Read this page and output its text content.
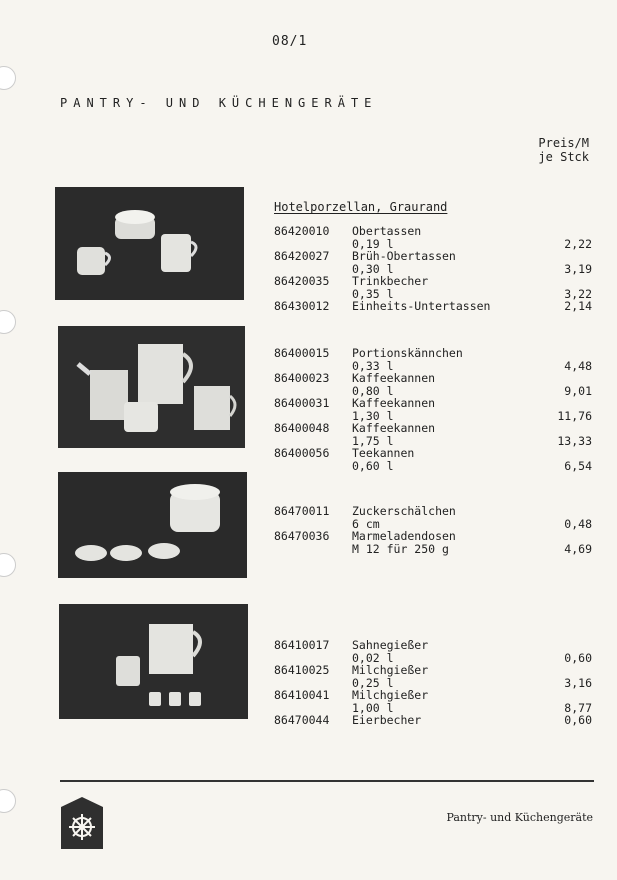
08/1
PANTRY- UND KÜCHENGERÄTE
Preis/M
je Stck
Hotelporzellan, Graurand
86420010 Obertassen
0,19 l	2,22
86420027 Brüh-Obertassen
0,30 l	3,19
86420035 Trinkbecher
0,35 l	3,22
86430012 Einheits-Untertassen	2,14
86400015 Portionskännchen
0,33 l	4,48
86400023 Kaffeekannen
0,80 l	9,01
86400031 Kaffeekannen
1,30 l	11,76
86400048 Kaffeekannen
1,75 l	13,33
86400056 Teekannen
0,60 l	6,54
86470011 Zuckerschälchen
6 cm	0,48
86470036 Marmeladendosen
M 12 für 250 g	4,69
86410017 Sahnegießer
0,02 l	0,60
86410025 Milchgießer
0,25 l	3,16
86410041 Milchgießer
1,00 l	8,77
86470044 Eierbecher	0,60
Pantry- und Küchengeräte
